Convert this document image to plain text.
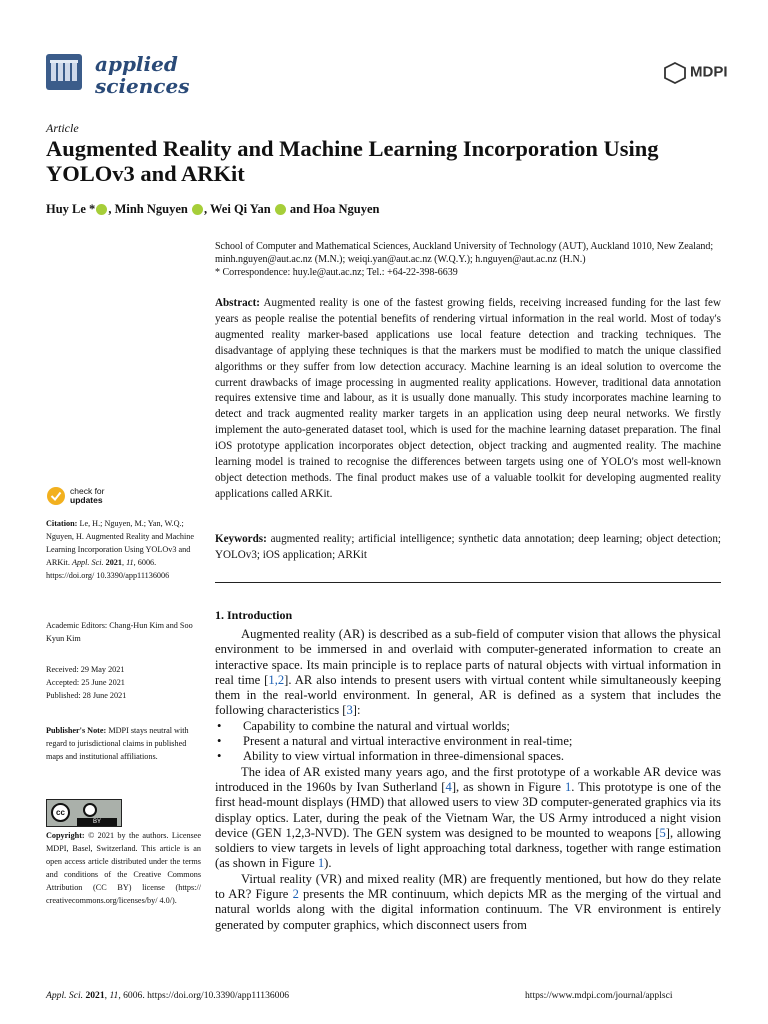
applied
sciences
MDPI
Article
Augmented Reality and Machine Learning Incorporation Using YOLOv3 and ARKit
Huy Le * , Minh Nguyen , Wei Qi Yan  and Hoa Nguyen
School of Computer and Mathematical Sciences, Auckland University of Technology (AUT), Auckland 1010, New Zealand; minh.nguyen@aut.ac.nz (M.N.); weiqi.yan@aut.ac.nz (W.Q.Y.); h.nguyen@aut.ac.nz (H.N.)
* Correspondence: huy.le@aut.ac.nz; Tel.: +64-22-398-6639
Abstract: Augmented reality is one of the fastest growing fields, receiving increased funding for the last few years as people realise the potential benefits of rendering virtual information in the real world. Most of today's augmented reality marker-based applications use local feature detection and tracking techniques. The disadvantage of applying these techniques is that the markers must be modified to match the unique classified algorithms or they suffer from low detection accuracy. Machine learning is an ideal solution to overcome the current drawbacks of image processing in augmented reality applications. However, traditional data annotation requires extensive time and labour, as it is usually done manually. This study incorporates machine learning to detect and track augmented reality marker targets in an application using deep neural networks. We firstly implement the auto-generated dataset tool, which is used for the machine learning dataset preparation. The final iOS prototype application incorporates object detection, object tracking and augmented reality. The machine learning model is trained to recognise the differences between targets using one of YOLO's most well-known object detection methods. The final product makes use of a valuable toolkit for developing augmented reality applications called ARKit.
Keywords: augmented reality; artificial intelligence; synthetic data annotation; deep learning; object detection; YOLOv3; iOS application; ARKit
1. Introduction
Augmented reality (AR) is described as a sub-field of computer vision that allows the physical environment to be immersed in and overlaid with computer-generated information to create an interactive space. Its main principle is to replace parts of natural objects with virtual information in real time [1,2]. AR also intends to present users with virtual content while simultaneously keeping them in the real-world environment. In general, AR is defined as a system that includes the following characteristics [3]:
• Capability to combine the natural and virtual worlds;
• Present a natural and virtual interactive environment in real-time;
• Ability to view virtual information in three-dimensional spaces.
The idea of AR existed many years ago, and the first prototype of a workable AR device was introduced in the 1960s by Ivan Sutherland [4], as shown in Figure 1. This prototype is one of the first head-mount displays (HMD) that allowed users to view 3D computer-generated graphics via its display optics. Later, during the peak of the Vietnam War, the US Army introduced a night vision device (GEN 1,2,3-NVD). The GEN system was designed to be mounted to weapons [5], allowing soldiers to view targets in levels of light approaching total darkness, together with range estimation (as shown in Figure 1).
Virtual reality (VR) and mixed reality (MR) are frequently mentioned, but how do they relate to AR? Figure 2 presents the MR continuum, which depicts MR as the merging of the virtual and natural worlds along with the digital information continuum. The VR environment is entirely generated by computer graphics, which disconnect users from
check for
updates
Citation: Le, H.; Nguyen, M.; Yan, W.Q.; Nguyen, H. Augmented Reality and Machine Learning Incorporation Using YOLOv3 and ARKit. Appl. Sci. 2021, 11, 6006. https://doi.org/ 10.3390/app11136006
Academic Editors: Chang-Hun Kim and Soo Kyun Kim
Received: 29 May 2021
Accepted: 25 June 2021
Published: 28 June 2021
Publisher's Note: MDPI stays neutral with regard to jurisdictional claims in published maps and institutional affiliations.
cc
BY
Copyright: © 2021 by the authors. Licensee MDPI, Basel, Switzerland. This article is an open access article distributed under the terms and conditions of the Creative Commons Attribution (CC BY) license (https:// creativecommons.org/licenses/by/ 4.0/).
Appl. Sci. 2021, 11, 6006. https://doi.org/10.3390/app11136006	https://www.mdpi.com/journal/applsci
